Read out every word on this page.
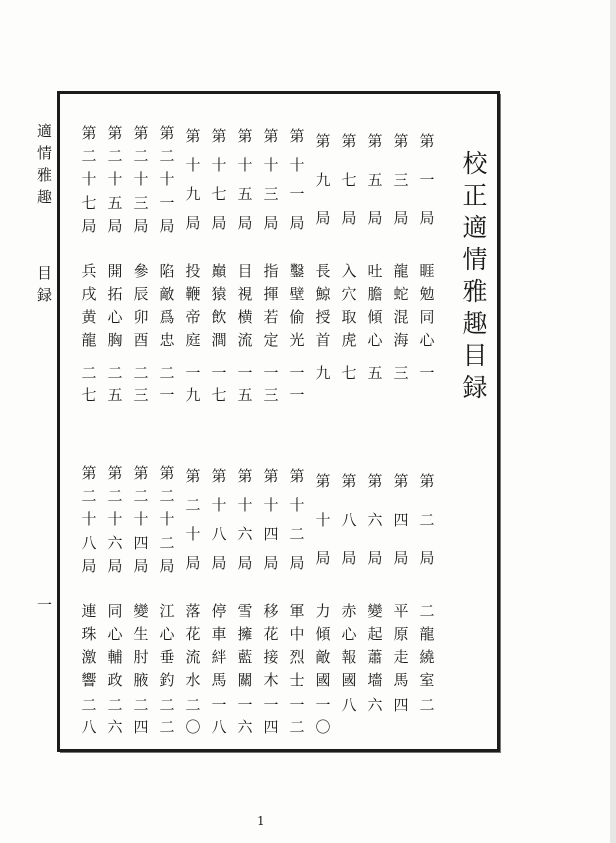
適
情
雅
趣
目
録
一
校
正
適
情
雅
趣
目
録
第
一
局
睚
勉
同
心
一
第
三
局
龍
蛇
混
海
三
第
五
局
吐
膽
傾
心
五
第
七
局
入
穴
取
虎
七
第
九
局
長
鯨
授
首
九
第
十
一
局
鑿
壁
偷
光
一
一
第
十
三
局
指
揮
若
定
一
三
第
十
五
局
目
視
横
流
一
五
第
十
七
局
巔
猿
飲
澗
一
七
第
十
九
局
投
鞭
帝
庭
一
九
第
二
十
一
局
陷
敵
爲
忠
二
一
第
二
十
三
局
參
辰
卯
酉
二
三
第
二
十
五
局
開
拓
心
胸
二
五
第
二
十
七
局
兵
戌
黄
龍
二
七
第
二
局
二
龍
繞
室
二
第
四
局
平
原
走
馬
四
第
六
局
變
起
蕭
墻
六
第
八
局
赤
心
報
國
八
第
十
局
力
傾
敵
國
一
〇
第
十
二
局
軍
中
烈
士
一
二
第
十
四
局
移
花
接
木
一
四
第
十
六
局
雪
擁
藍
關
一
六
第
十
八
局
停
車
絆
馬
一
八
第
二
十
局
落
花
流
水
二
〇
第
二
十
二
局
江
心
垂
釣
二
二
第
二
十
四
局
變
生
肘
腋
二
四
第
二
十
六
局
同
心
輔
政
二
六
第
二
十
八
局
連
珠
激
響
二
八
1
